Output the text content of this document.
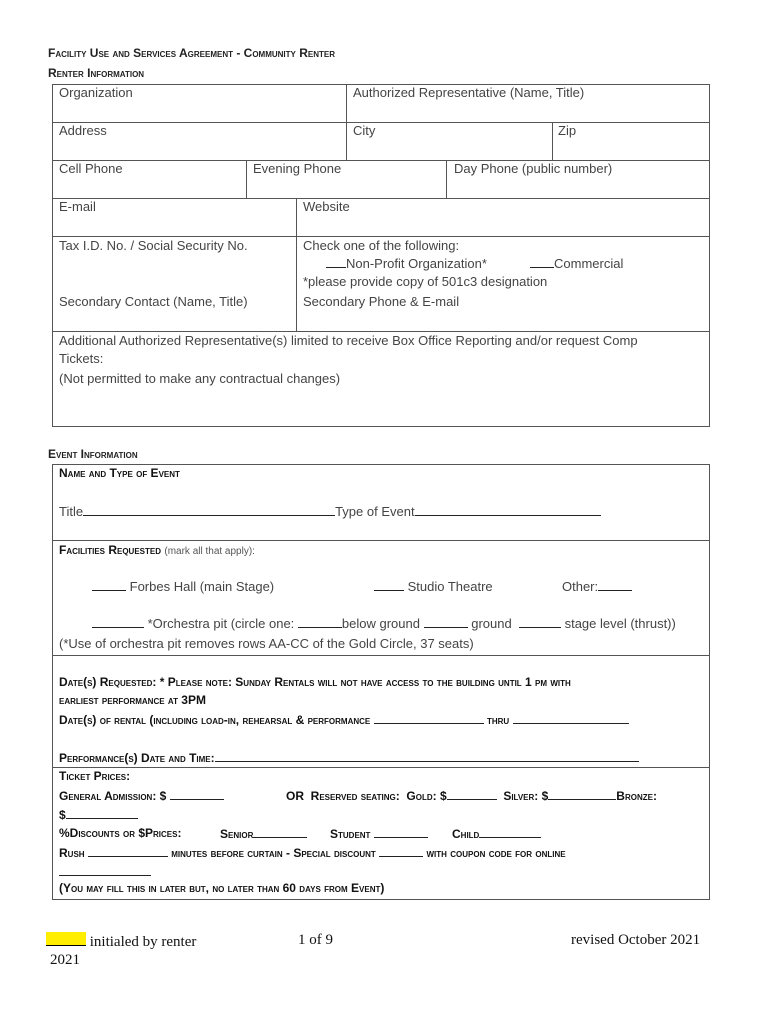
Facility Use and Services Agreement - Community Renter
Renter Information
Organization	Authorized Representative (Name, Title)
Address	City	Zip
Cell Phone	Evening Phone	Day Phone (public number)
E-mail	Website
Tax I.D. No. / Social Security No.	Check one of the following:
Non-Profit Organization*	Commercial
*please provide copy of 501c3 designation
Secondary Contact (Name, Title)	Secondary Phone & E-mail
Additional Authorized Representative(s) limited to receive Box Office Reporting and/or request Comp
Tickets:
(Not permitted to make any contractual changes)
Event Information
Name and Type of Event
Title	Type of Event
Facilities Requested (mark all that apply):
Forbes Hall (main Stage)	Studio Theatre	Other:
*Orchestra pit (circle one:	below ground	ground	stage level (thrust))
(*Use of orchestra pit removes rows AA-CC of the Gold Circle, 37 seats)
Date(s) Requested: * Please note: Sunday Rentals will not have access to the building until 1 pm with
earliest performance at 3PM
Date(s) of rental (including load-in, rehearsal & performance	thru
Performance(s) Date and Time:
Ticket Prices:
General Admission: $	OR Reserved seating: Gold: $	Silver: $	Bronze:
$
%Discounts or $Prices:	Senior	Student	Child
Rush	minutes before curtain - Special discount	with coupon code for online
(You may fill this in later but, no later than 60 days from Event)
initialed by renter	1 of 9	revised October 2021
2021
